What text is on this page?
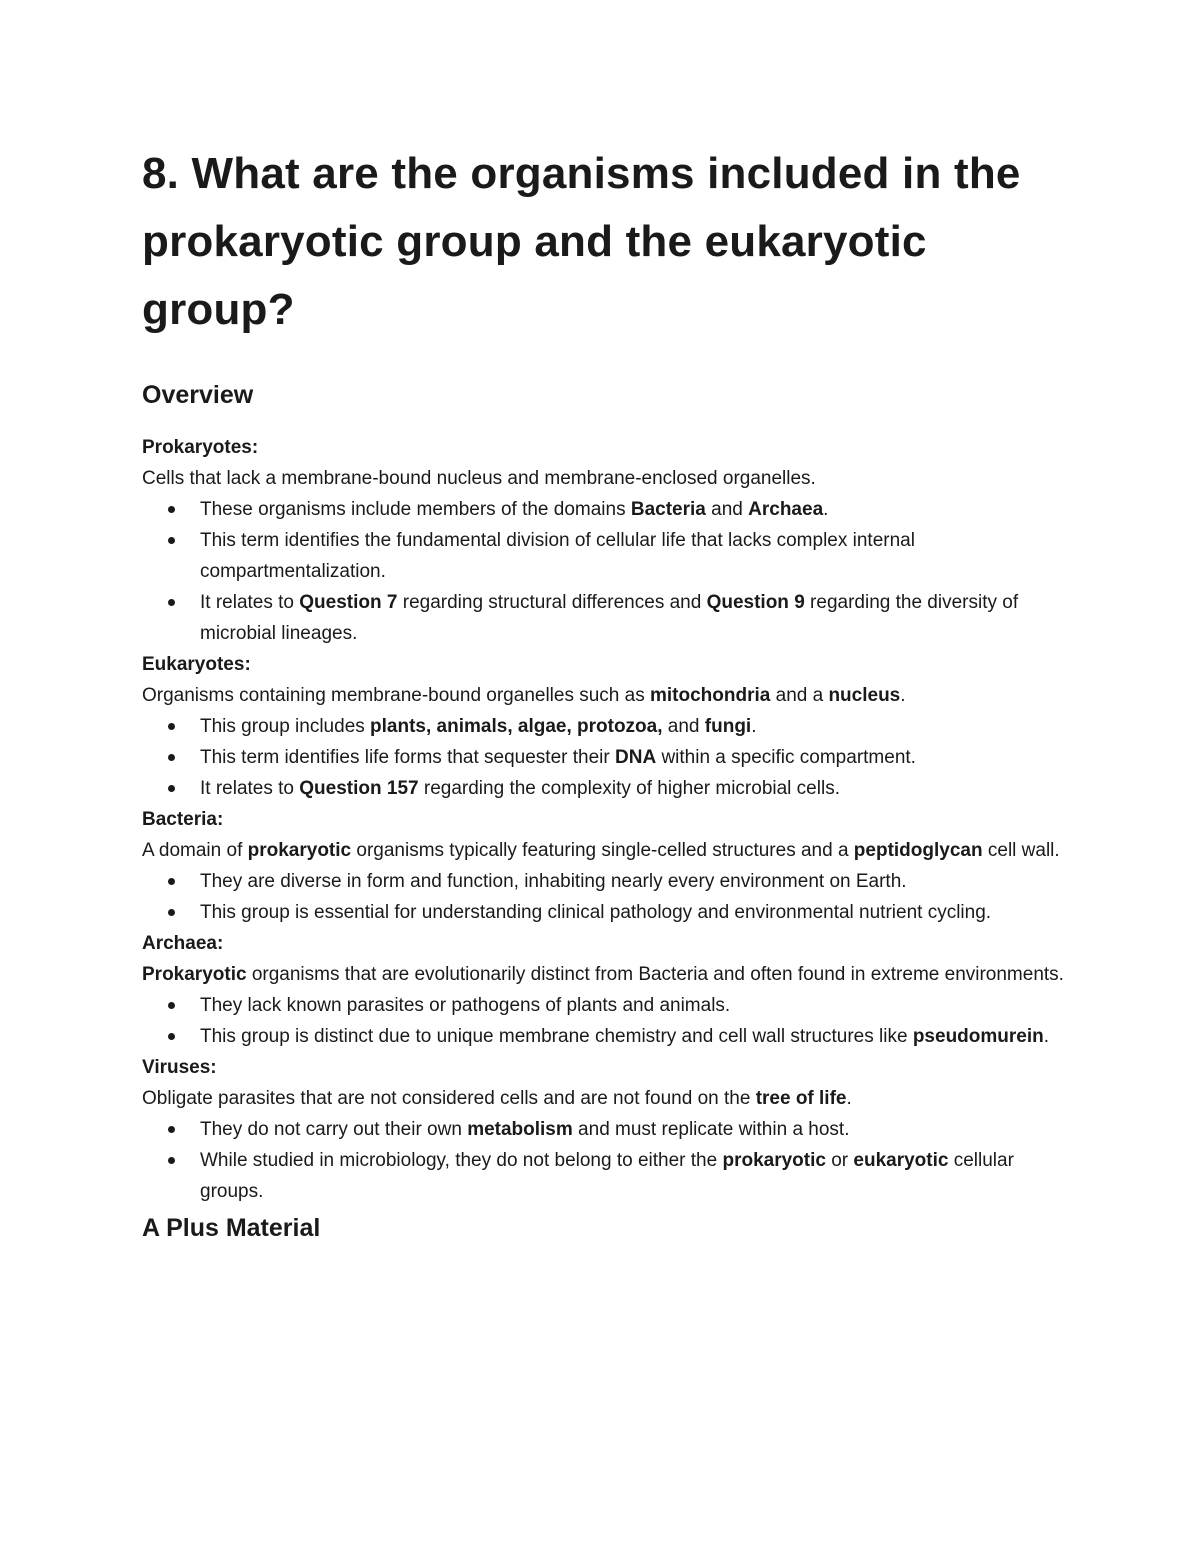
8. What are the organisms included in the prokaryotic group and the eukaryotic group?
Overview

Prokaryotes:

Cells that lack a membrane-bound nucleus and membrane-enclosed organelles.

These organisms include members of the domains Bacteria and Archaea.
This term identifies the fundamental division of cellular life that lacks complex internal compartmentalization.
It relates to Question 7 regarding structural differences and Question 9 regarding the diversity of microbial lineages.

Eukaryotes:

Organisms containing membrane-bound organelles such as mitochondria and a nucleus.

This group includes plants, animals, algae, protozoa, and fungi.
This term identifies life forms that sequester their DNA within a specific compartment.
It relates to Question 157 regarding the complexity of higher microbial cells.

Bacteria:

A domain of prokaryotic organisms typically featuring single-celled structures and a peptidoglycan cell wall.

They are diverse in form and function, inhabiting nearly every environment on Earth.
This group is essential for understanding clinical pathology and environmental nutrient cycling.

Archaea:

Prokaryotic organisms that are evolutionarily distinct from Bacteria and often found in extreme environments.

They lack known parasites or pathogens of plants and animals.
This group is distinct due to unique membrane chemistry and cell wall structures like pseudomurein.

Viruses:

Obligate parasites that are not considered cells and are not found on the tree of life.

They do not carry out their own metabolism and must replicate within a host.
While studied in microbiology, they do not belong to either the prokaryotic or eukaryotic cellular groups.
A Plus Material
